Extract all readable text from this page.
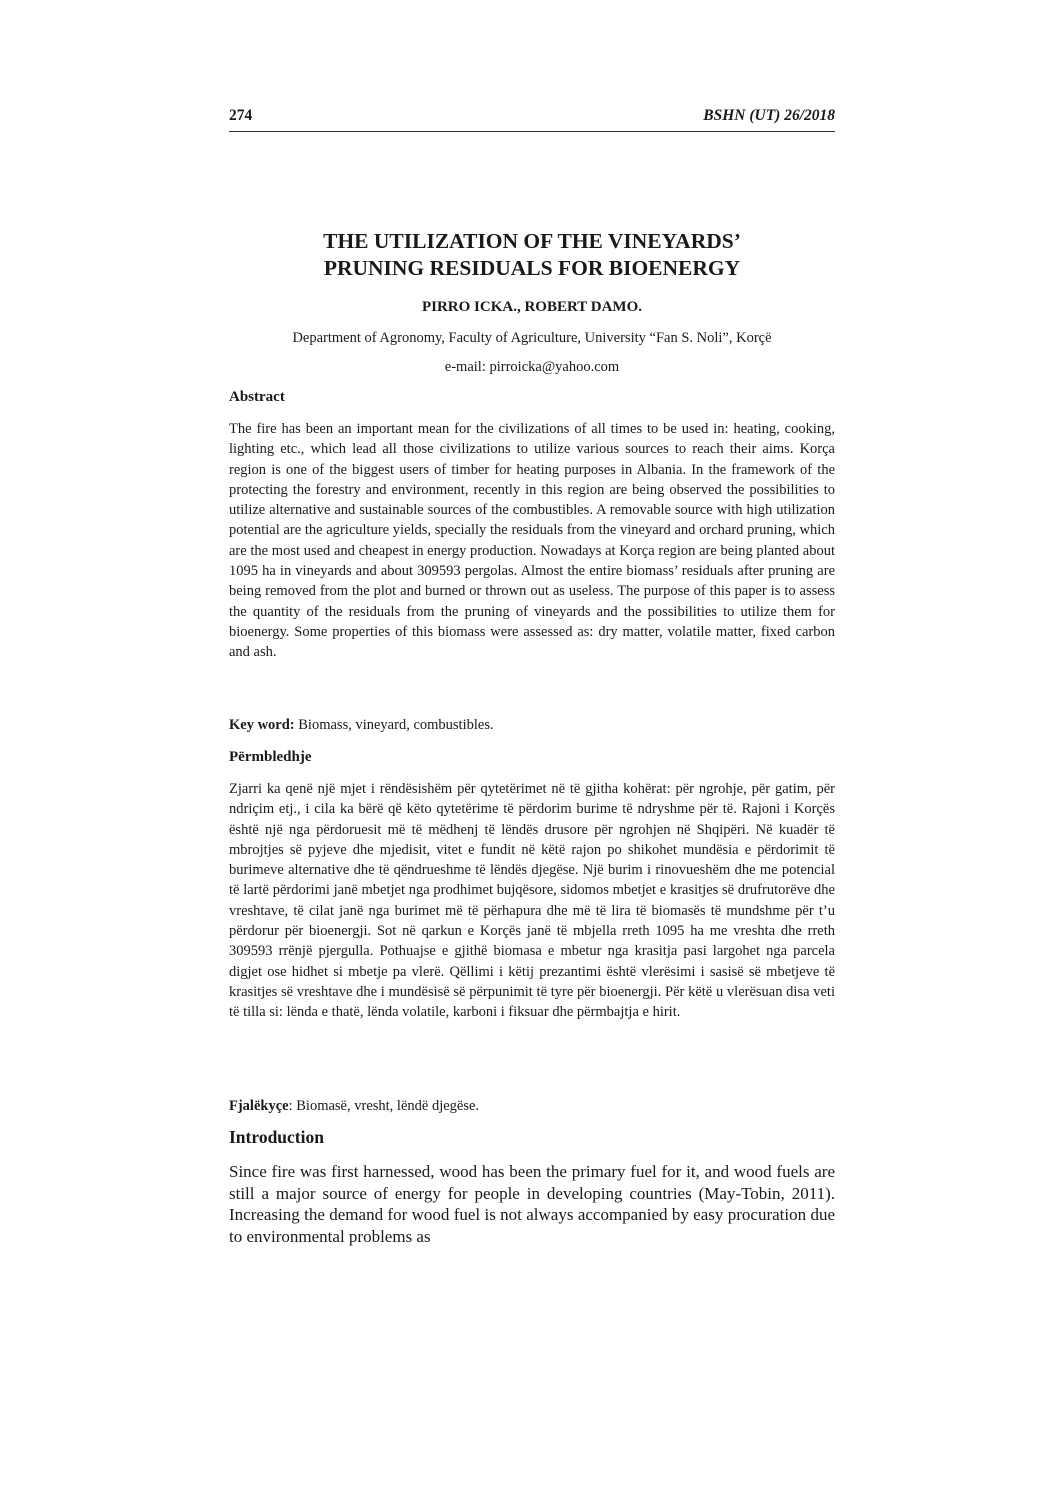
274	BSHN (UT) 26/2018
THE UTILIZATION OF THE VINEYARDS’
PRUNING RESIDUALS FOR BIOENERGY
PIRRO ICKA., ROBERT DAMO.
Department of Agronomy, Faculty of Agriculture, University “Fan S. Noli”, Korçë
e-mail: pirroicka@yahoo.com
Abstract

The fire has been an important mean for the civilizations of all times to be used in: heating, cooking, lighting etc., which lead all those civilizations to utilize various sources to reach their aims. Korça region is one of the biggest users of timber for heating purposes in Albania. In the framework of the protecting the forestry and environment, recently in this region are being observed the possibilities to utilize alternative and sustainable sources of the combustibles. A removable source with high utilization potential are the agriculture yields, specially the residuals from the vineyard and orchard pruning, which are the most used and cheapest in energy production. Nowadays at Korça region are being planted about 1095 ha in vineyards and about 309593 pergolas. Almost the entire biomass’ residuals after pruning are being removed from the plot and burned or thrown out as useless. The purpose of this paper is to assess the quantity of the residuals from the pruning of vineyards and the possibilities to utilize them for bioenergy. Some properties of this biomass were assessed as: dry matter, volatile matter, fixed carbon and ash.

Key word: Biomass, vineyard, combustibles.
Përmbledhje

Zjarri ka qenë një mjet i rëndësishëm për qytetërimet në të gjitha kohërat: për ngrohje, për gatim, për ndriçim etj., i cila ka bërë që këto qytetërime të përdorim burime të ndryshme për të. Rajoni i Korçës është një nga përdoruesit më të mëdhenj të lëndës drusore për ngrohjen në Shqipëri. Në kuadër të mbrojtjes së pyjeve dhe mjedisit, vitet e fundit në këtë rajon po shikohet mundësia e përdorimit të burimeve alternative dhe të qëndrueshme të lëndës djegëse. Një burim i rinovueshëm dhe me potencial të lartë përdorimi janë mbetjet nga prodhimet bujqësore, sidomos mbetjet e krasitjes së drufrutorëve dhe vreshtave, të cilat janë nga burimet më të përhapura dhe më të lira të biomasës të mundshme për t’u përdorur për bioenergji. Sot në qarkun e Korçës janë të mbjella rreth 1095 ha me vreshta dhe rreth 309593 rrënjë pjergulla. Pothuajse e gjithë biomasa e mbetur nga krasitja pasi largohet nga parcela digjet ose hidhet si mbetje pa vlerë. Qëllimi i këtij prezantimi është vlerësimi i sasisë së mbetjeve të krasitjes së vreshtave dhe i mundësisë së përpunimit të tyre për bioenergji. Për këtë u vlerësuan disa veti të tilla si: lënda e thatë, lënda volatile, karboni i fiksuar dhe përmbajtja e hirit.

Fjalëkyçe: Biomasë, vresht, lëndë djegëse.
Introduction

Since fire was first harnessed, wood has been the primary fuel for it, and wood fuels are still a major source of energy for people in developing countries (May-Tobin, 2011). Increasing the demand for wood fuel is not always accompanied by easy procuration due to environmental problems as
